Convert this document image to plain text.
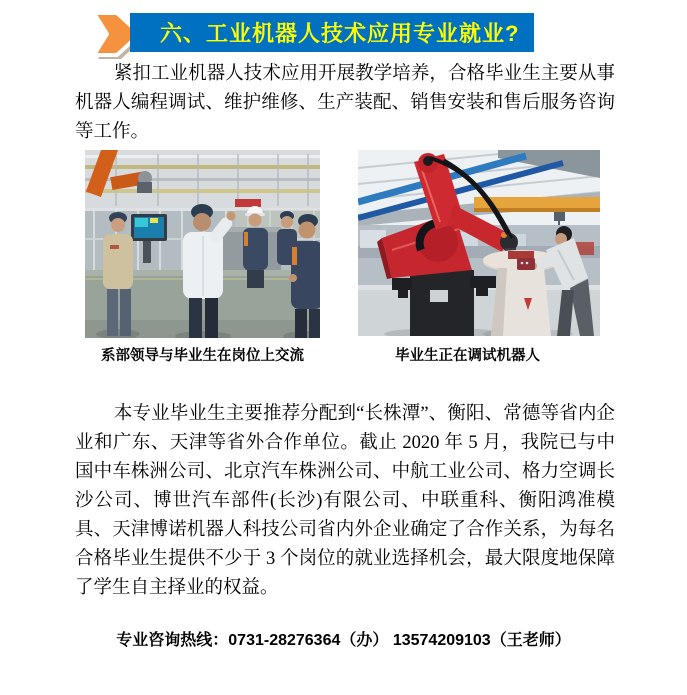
六、工业机器人技术应用专业就业?
紧扣工业机器人技术应用开展教学培养，合格毕业生主要从事机器人编程调试、维护维修、生产装配、销售安装和售后服务咨询等工作。
系部领导与毕业生在岗位上交流	毕业生正在调试机器人
本专业毕业生主要推荐分配到“长株潭”、衡阳、常德等省内企业和广东、天津等省外合作单位。截止 2020 年 5 月，我院已与中国中车株洲公司、北京汽车株洲公司、中航工业公司、格力空调长沙公司、博世汽车部件(长沙)有限公司、中联重科、衡阳鸿准模具、天津博诺机器人科技公司省内外企业确定了合作关系，为每名合格毕业生提供不少于 3 个岗位的就业选择机会，最大限度地保障了学生自主择业的权益。
专业咨询热线：0731-28276364（办） 13574209103（王老师）
